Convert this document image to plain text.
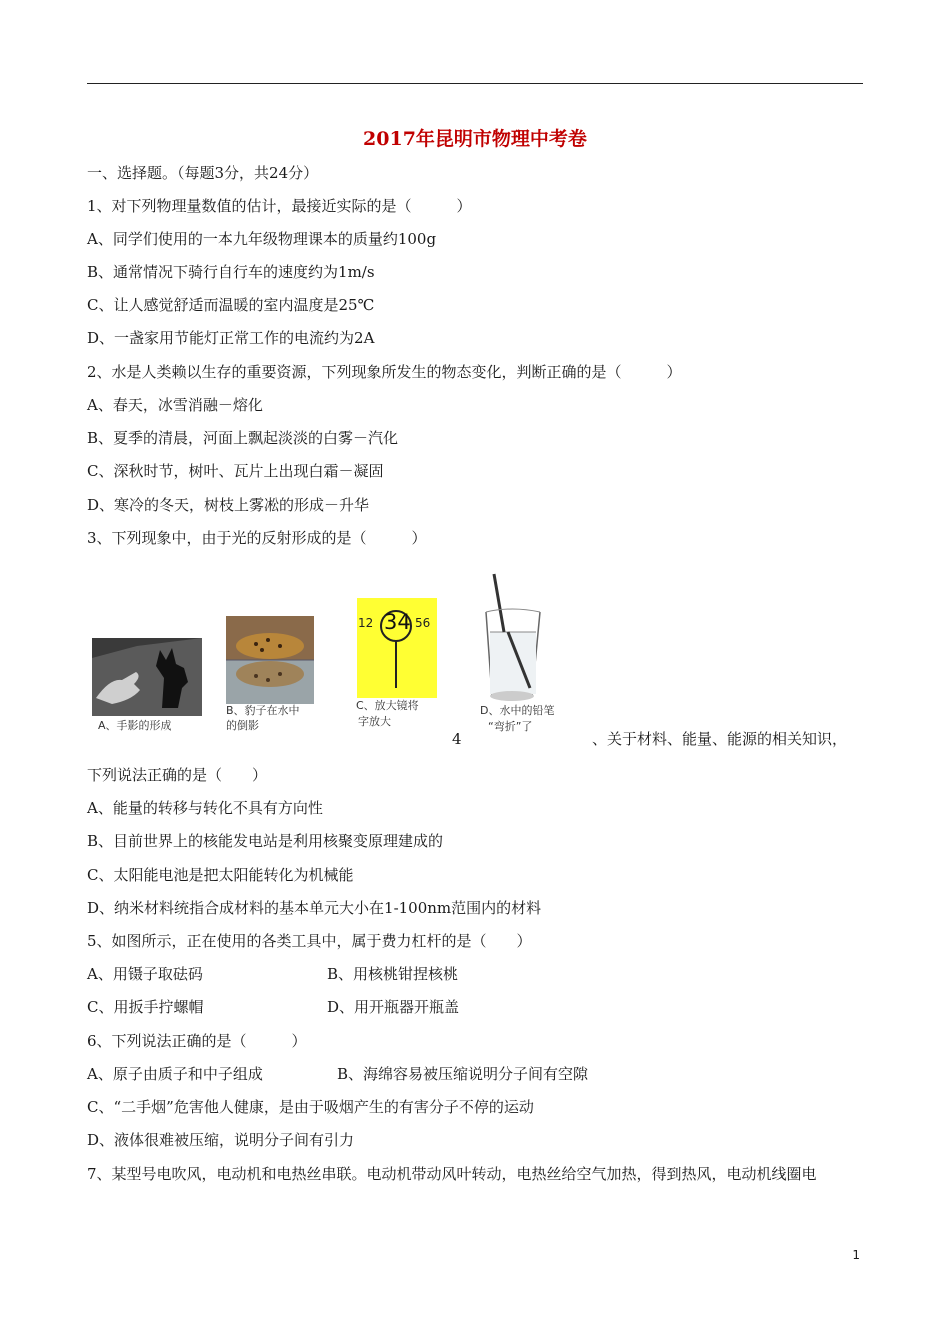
2017年昆明市物理中考卷
一、选择题。（每题3分，共24分）
1、对下列物理量数值的估计，最接近实际的是（　　　）
A、同学们使用的一本九年级物理课本的质量约100g
B、通常情况下骑行自行车的速度约为1m/s
C、让人感觉舒适而温暖的室内温度是25℃
D、一盏家用节能灯正常工作的电流约为2A
2、水是人类赖以生存的重要资源，下列现象所发生的物态变化，判断正确的是（　　　）
A、春天，冰雪消融－熔化
B、夏季的清晨，河面上飘起淡淡的白雾－汽化
C、深秋时节，树叶、瓦片上出现白霜－凝固
D、寒冷的冬天，树枝上雾凇的形成－升华
3、下列现象中，由于光的反射形成的是（　　　）
A、手影的形成
B、豹子在水中
的倒影
12 34 56
C、放大镜将
字放大
D、水中的铅笔
“弯折”了
4	、关于材料、能量、能源的相关知识，
下列说法正确的是（　　）
A、能量的转移与转化不具有方向性
B、目前世界上的核能发电站是利用核聚变原理建成的
C、太阳能电池是把太阳能转化为机械能
D、纳米材料统指合成材料的基本单元大小在1-100nm范围内的材料
5、如图所示，正在使用的各类工具中，属于费力杠杆的是（　　）
A、用镊子取砝码	B、用核桃钳捏核桃
C、用扳手拧螺帽	D、用开瓶器开瓶盖
6、下列说法正确的是（　　　）
A、原子由质子和中子组成	B、海绵容易被压缩说明分子间有空隙
C、“二手烟”危害他人健康，是由于吸烟产生的有害分子不停的运动
D、液体很难被压缩，说明分子间有引力
7、某型号电吹风，电动机和电热丝串联。电动机带动风叶转动，电热丝给空气加热，得到热风，电动机线圈电
1
